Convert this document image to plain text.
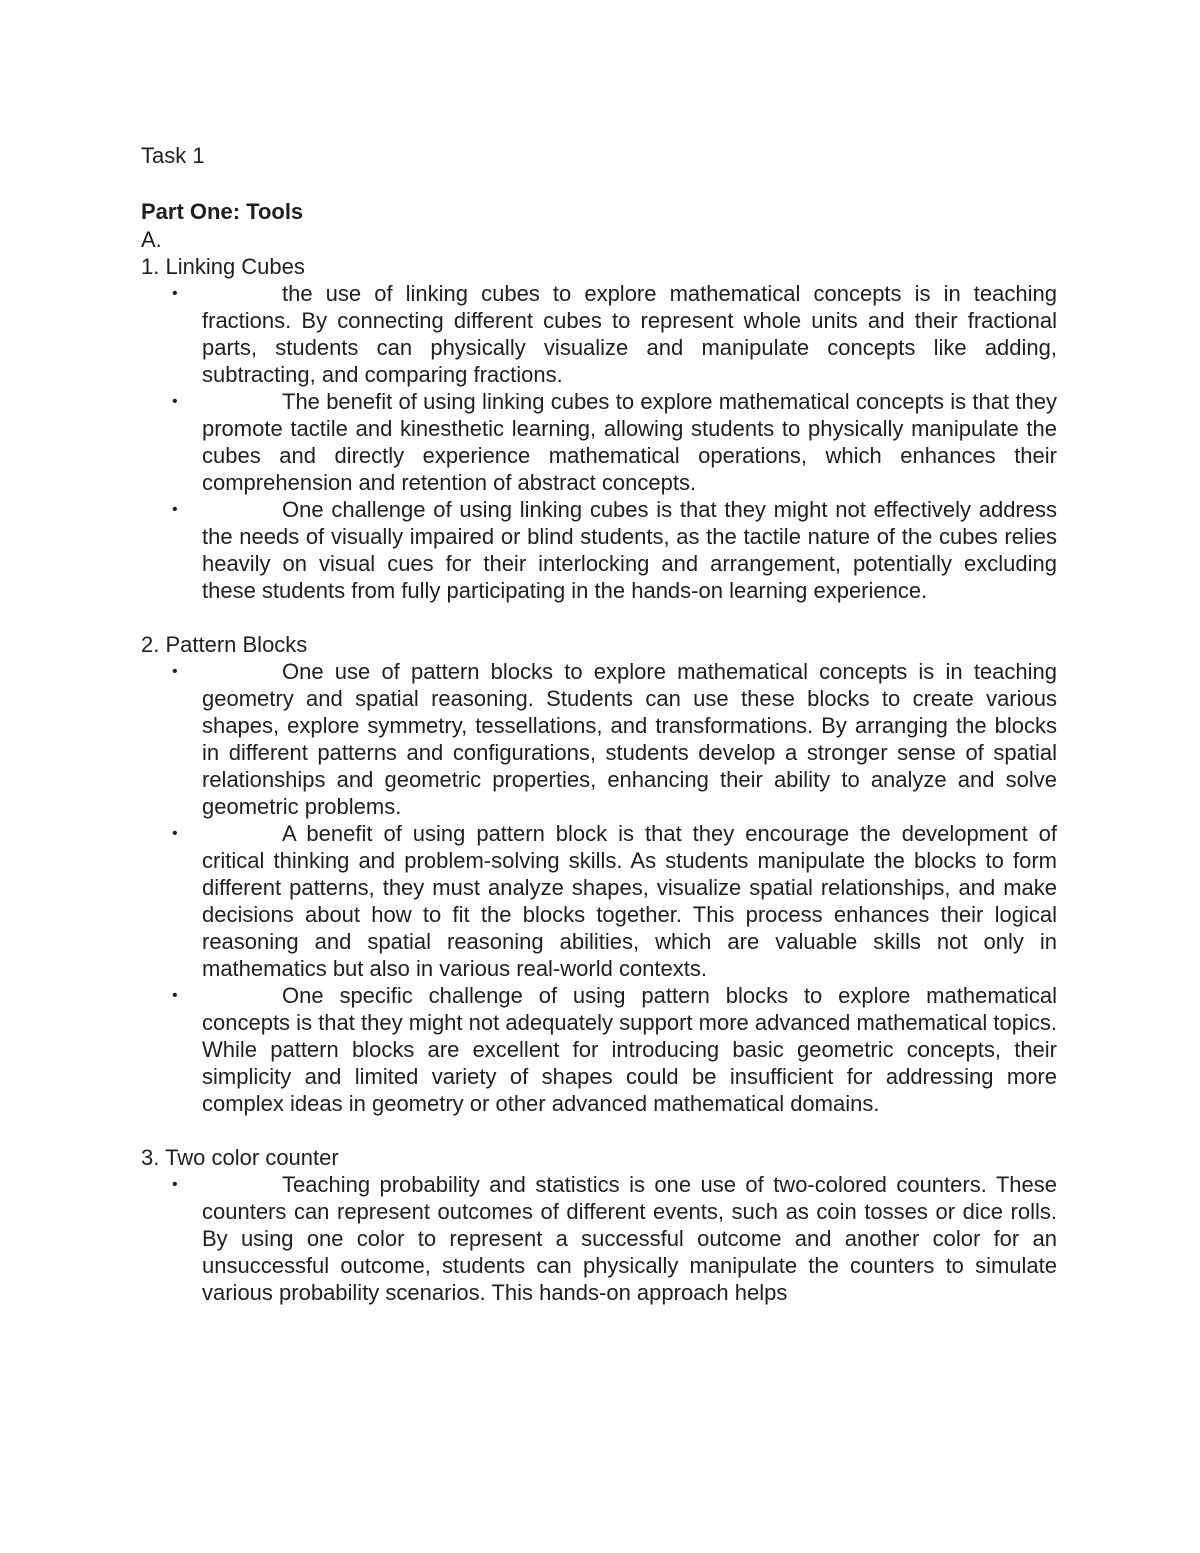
Task 1

Part One: Tools

A.

1. Linking Cubes

•	the use of linking cubes to explore mathematical concepts is in teaching fractions. By connecting different cubes to represent whole units and their fractional parts, students can physically visualize and manipulate concepts like adding, subtracting, and comparing fractions.
•	The benefit of using linking cubes to explore mathematical concepts is that they promote tactile and kinesthetic learning, allowing students to physically manipulate the cubes and directly experience mathematical operations, which enhances their comprehension and retention of abstract concepts.
•	One challenge of using linking cubes is that they might not effectively address the needs of visually impaired or blind students, as the tactile nature of the cubes relies heavily on visual cues for their interlocking and arrangement, potentially excluding these students from fully participating in the hands-on learning experience.

2. Pattern Blocks

•	One use of pattern blocks to explore mathematical concepts is in teaching geometry and spatial reasoning. Students can use these blocks to create various shapes, explore symmetry, tessellations, and transformations. By arranging the blocks in different patterns and configurations, students develop a stronger sense of spatial relationships and geometric properties, enhancing their ability to analyze and solve geometric problems.
•	A benefit of using pattern block is that they encourage the development of critical thinking and problem-solving skills. As students manipulate the blocks to form different patterns, they must analyze shapes, visualize spatial relationships, and make decisions about how to fit the blocks together. This process enhances their logical reasoning and spatial reasoning abilities, which are valuable skills not only in mathematics but also in various real-world contexts.
•	One specific challenge of using pattern blocks to explore mathematical concepts is that they might not adequately support more advanced mathematical topics. While pattern blocks are excellent for introducing basic geometric concepts, their simplicity and limited variety of shapes could be insufficient for addressing more complex ideas in geometry or other advanced mathematical domains.

3. Two color counter

•	Teaching probability and statistics is one use of two-colored counters. These counters can represent outcomes of different events, such as coin tosses or dice rolls. By using one color to represent a successful outcome and another color for an unsuccessful outcome, students can physically manipulate the counters to simulate various probability scenarios. This hands-on approach helps
